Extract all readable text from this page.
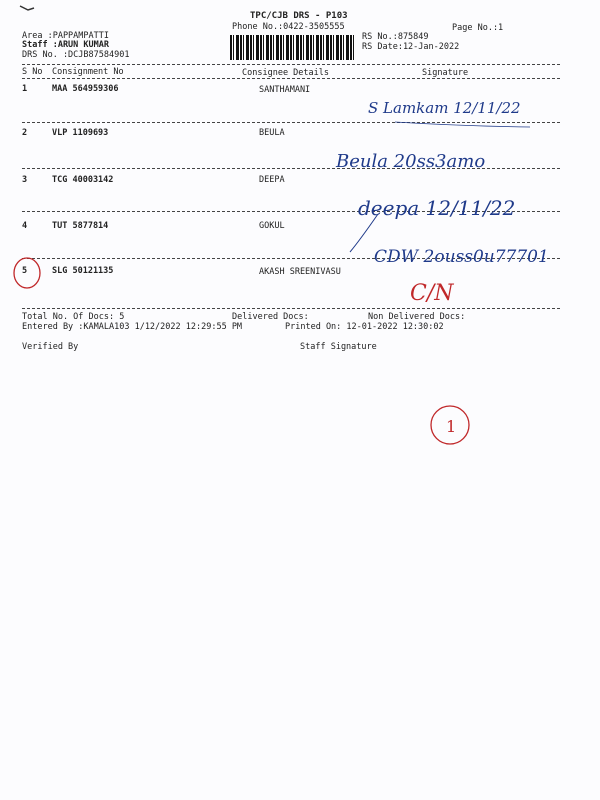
TPC/CJB DRS - P103
Phone No.:0422-3505555	Page No.:1
Area :PAPPAMPATTI
Staff :ARUN KUMAR
DRS No. :DCJB87584901
RS No.:875849
RS Date:12-Jan-2022
S No Consignment No	Consignee Details	Signature
1	MAA 564959306	SANTHAMANI
2	VLP 1109693	BEULA
3	TCG 40003142	DEEPA
4	TUT 5877814	GOKUL
5	SLG 50121135	AKASH SREENIVASU
Total No. Of Docs: 5	Delivered Docs:	Non Delivered Docs:
Entered By :KAMALA103 1/12/2022 12:29:55 PM	Printed On: 12-01-2022 12:30:02
Verified By	Staff Signature
S Lamkam 12/11/22
Beula 20ss3amo
deepa 12/11/22
CDW 2ouss0u77701
C/N
1
